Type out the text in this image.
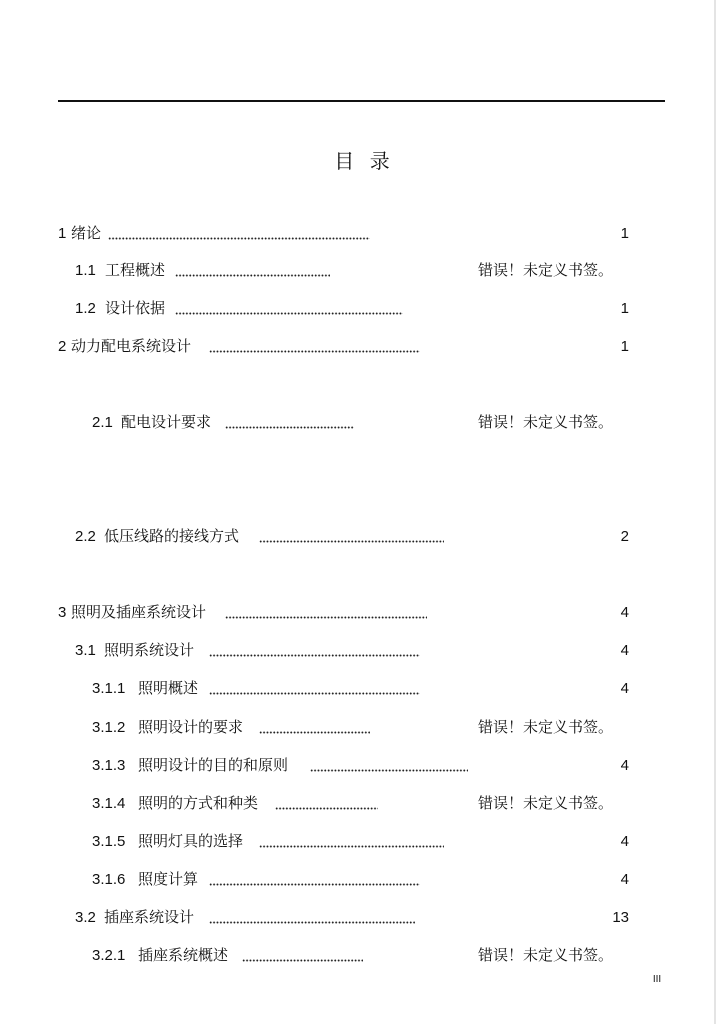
目 录
1 绪论	1
1.1 工程概述	错误！未定义书签。
1.2 设计依据	1
2 动力配电系统设计	1
2.1 配电设计要求	错误！未定义书签。
2.2 低压线路的接线方式	2
3 照明及插座系统设计	4
3.1 照明系统设计	4
3.1.1 照明概述	4
3.1.2 照明设计的要求	错误！未定义书签。
3.1.3 照明设计的目的和原则	4
3.1.4 照明的方式和种类	错误！未定义书签。
3.1.5 照明灯具的选择	4
3.1.6 照度计算	4
3.2 插座系统设计	13
3.2.1 插座系统概述	错误！未定义书签。
III
